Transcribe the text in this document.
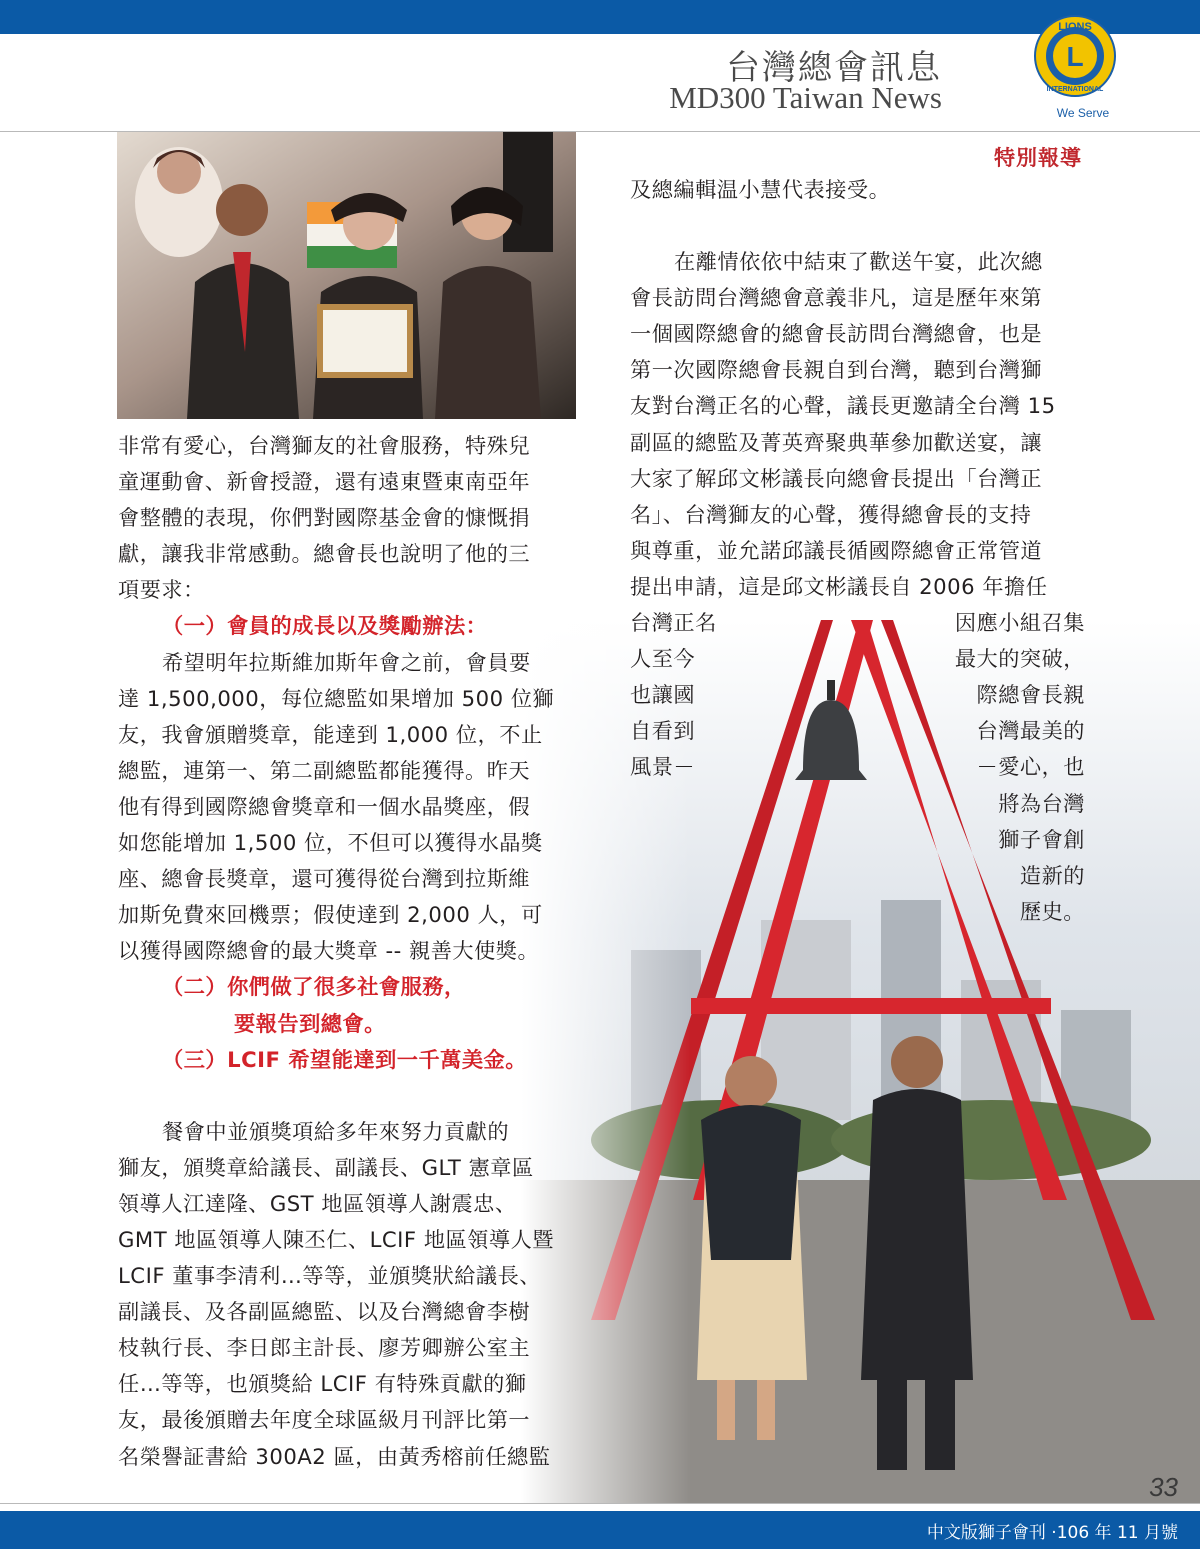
台灣總會訊息
MD300 Taiwan News
L
LIONS
INTERNATIONAL
We Serve
特別報導

非常有愛心，台灣獅友的社會服務，特殊兒

童運動會、新會授證，還有遠東暨東南亞年

會整體的表現，你們對國際基金會的慷慨捐

獻，讓我非常感動。總會長也說明了他的三

項要求：

（一）會員的成長以及獎勵辦法：

希望明年拉斯維加斯年會之前，會員要

達 1,500,000，每位總監如果增加 500 位獅

友，我會頒贈獎章，能達到 1,000 位，不止

總監，連第一、第二副總監都能獲得。昨天

他有得到國際總會獎章和一個水晶獎座，假

如您能增加 1,500 位，不但可以獲得水晶獎

座、總會長獎章，還可獲得從台灣到拉斯維

加斯免費來回機票；假使達到 2,000 人，可

以獲得國際總會的最大獎章 -- 親善大使獎。

（二）你們做了很多社會服務，

要報告到總會。

（三）LCIF 希望能達到一千萬美金。

餐會中並頒獎項給多年來努力貢獻的

獅友，頒獎章給議長、副議長、GLT 憲章區

領導人江達隆、GST 地區領導人謝震忠、

GMT 地區領導人陳丕仁、LCIF 地區領導人暨

LCIF 董事李清利…等等，並頒獎狀給議長、

副議長、及各副區總監、以及台灣總會李樹

枝執行長、李日郎主計長、廖芳卿辦公室主

任…等等，也頒獎給 LCIF 有特殊貢獻的獅

友，最後頒贈去年度全球區級月刊評比第一

名榮譽証書給 300A2 區，由黃秀榕前任總監

及總編輯温小慧代表接受。

在離情依依中結束了歡送午宴，此次總

會長訪問台灣總會意義非凡，這是歷年來第

一個國際總會的總會長訪問台灣總會，也是

第一次國際總會長親自到台灣，聽到台灣獅

友對台灣正名的心聲，議長更邀請全台灣 15

副區的總監及菁英齊聚典華參加歡送宴，讓

大家了解邱文彬議長向總會長提出「台灣正

名」、台灣獅友的心聲，獲得總會長的支持

與尊重，並允諾邱議長循國際總會正常管道

提出申請，這是邱文彬議長自 2006 年擔任

台灣正名	因應小組召集
人至今	最大的突破，
也讓國	際總會長親
自看到	台灣最美的
風景－	－愛心，也
將為台灣
獅子會創
造新的
歷史。
33
中文版獅子會刊 ‧106 年 11 月號
